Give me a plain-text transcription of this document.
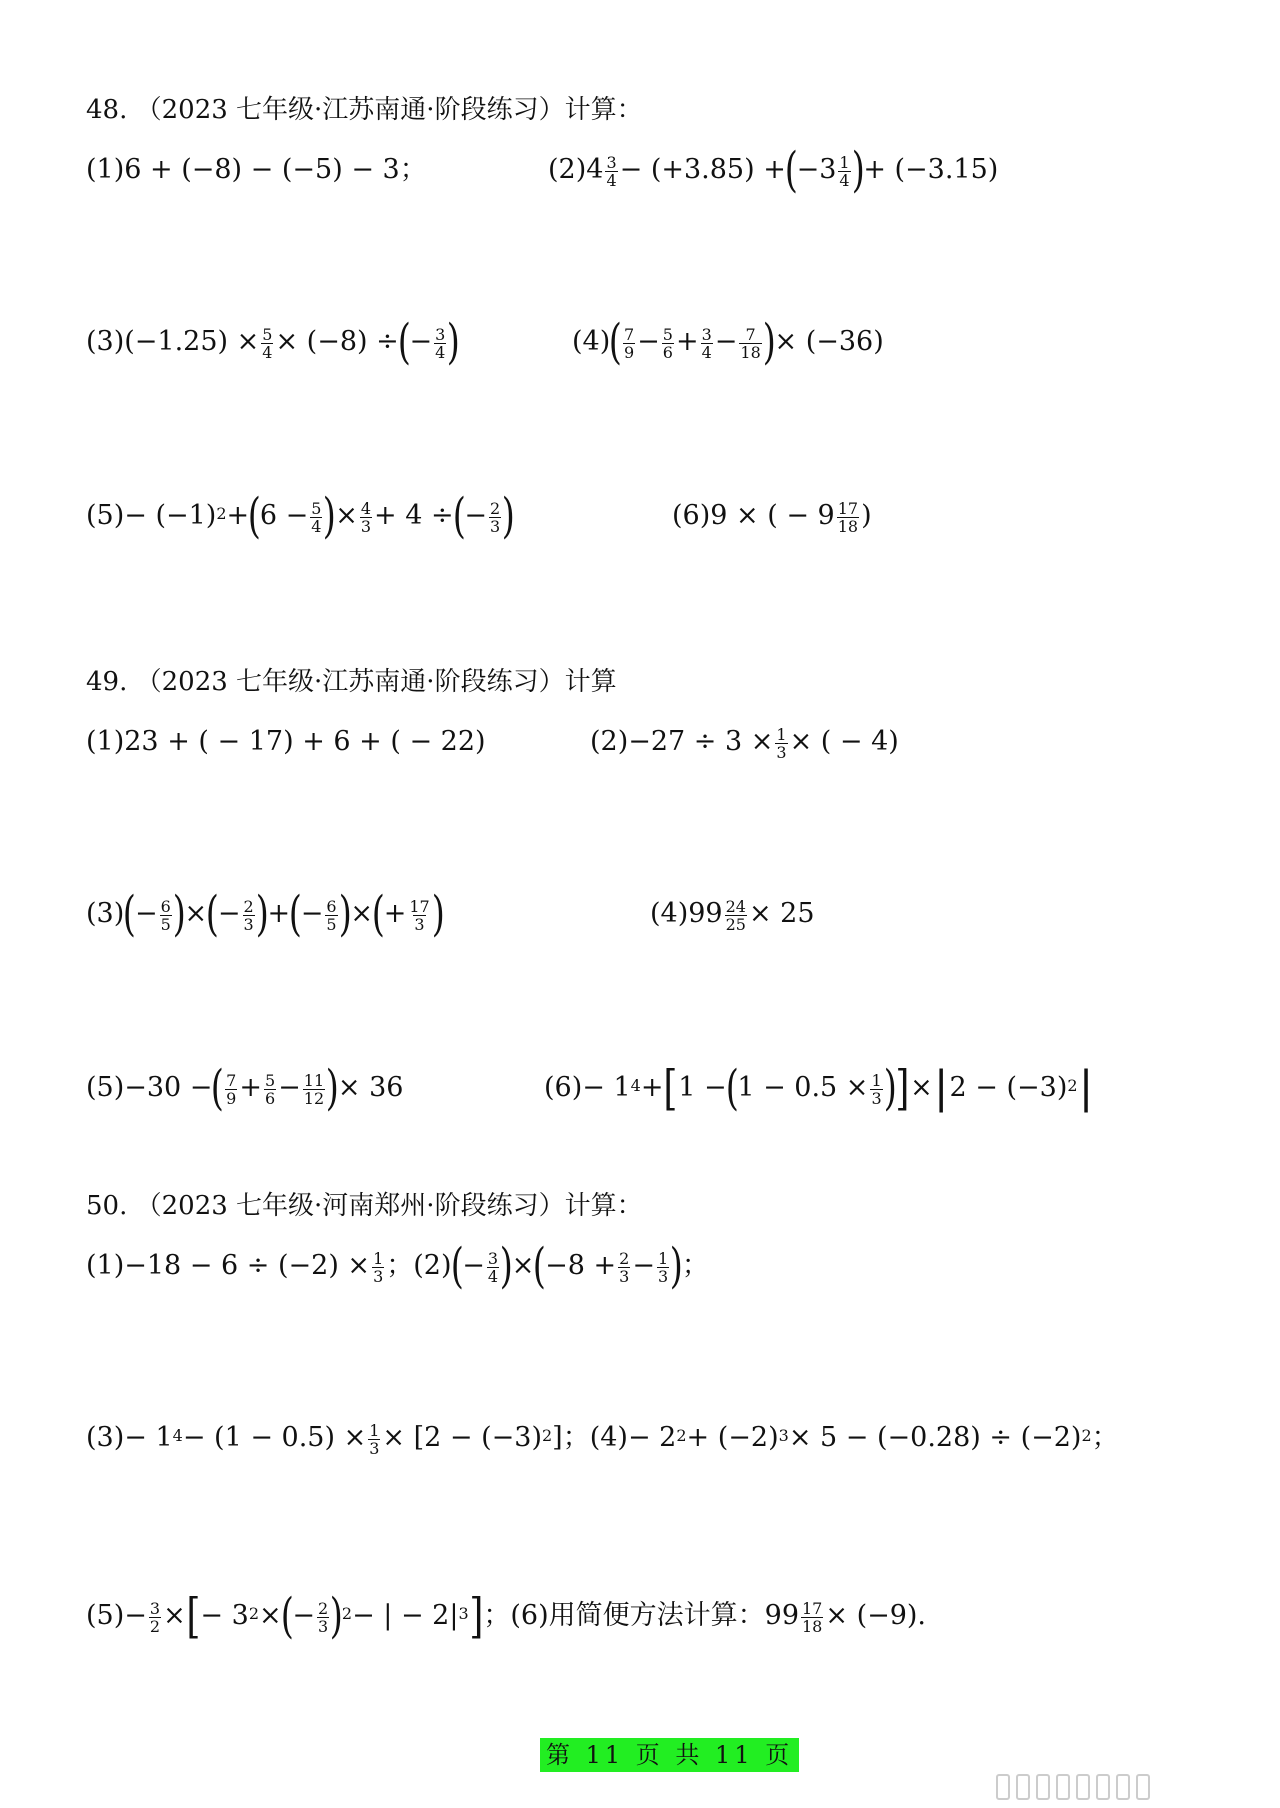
48. （2023 七年级·江苏南通·阶段练习）计算：
(1)6 + (−8) − (−5) − 3；	(2) 4 3
4 − (+3.85) +
(
−3 1
4 )
+ (−3.15)
(3) (−1.25) × 5
4 × (−8) ÷
(
− 3
4 )	(4)
( 7
9 − 5
6 + 3
4 − 7
18 )
× (−36)
$(5) - (-1)^2$ +
(
6 − 5
4 )
× 4
3 + 4 ÷
(
− 2
3 )	(6) 9 × ( − 9 17
18 )
49. （2023 七年级·江苏南通·阶段练习）计算
(1)23 + ( − 17) + 6 + ( − 22)	(2) −27 ÷ 3 × 1
3 × ( − 4)
(3)
(
− 6
5 )
×
(
− 2
3 )
+
(
− 6
5 )
×
(
+ 17
3 )	(4) 99 24
25 × 25
(5) −30 −
( 7
9 + 5
6 − 11
12 )
× 36	$(6) - 1^4$ + [ 1 −
(
1 − 0.5 × 1
3 ) ] × | $2 - (-3)^2$ |
50. （2023 七年级·河南郑州·阶段练习）计算：
(1) −18 − 6 ÷ (−2) × 1
3 ； (2)
(
− 3
4 )
×
(
−8 + 2
3 − 1
3 )
；
$(3) - 1^4 - (1 - 0.5) \times 1$
$3 \times [2 - (-3)^2$ ]； $(4) - 2^2 + (-2)^3 \times 5 - (-0.28) \div (-2)^2$ ；
(5) − 3
2 × [ − $3^2$ ×
(
− 2
3 )
$^2$ − | − $2|^3$ ] ； (6) 用简便方法计算： 99 17
18 × (−9).
第 11 页 共 11 页
